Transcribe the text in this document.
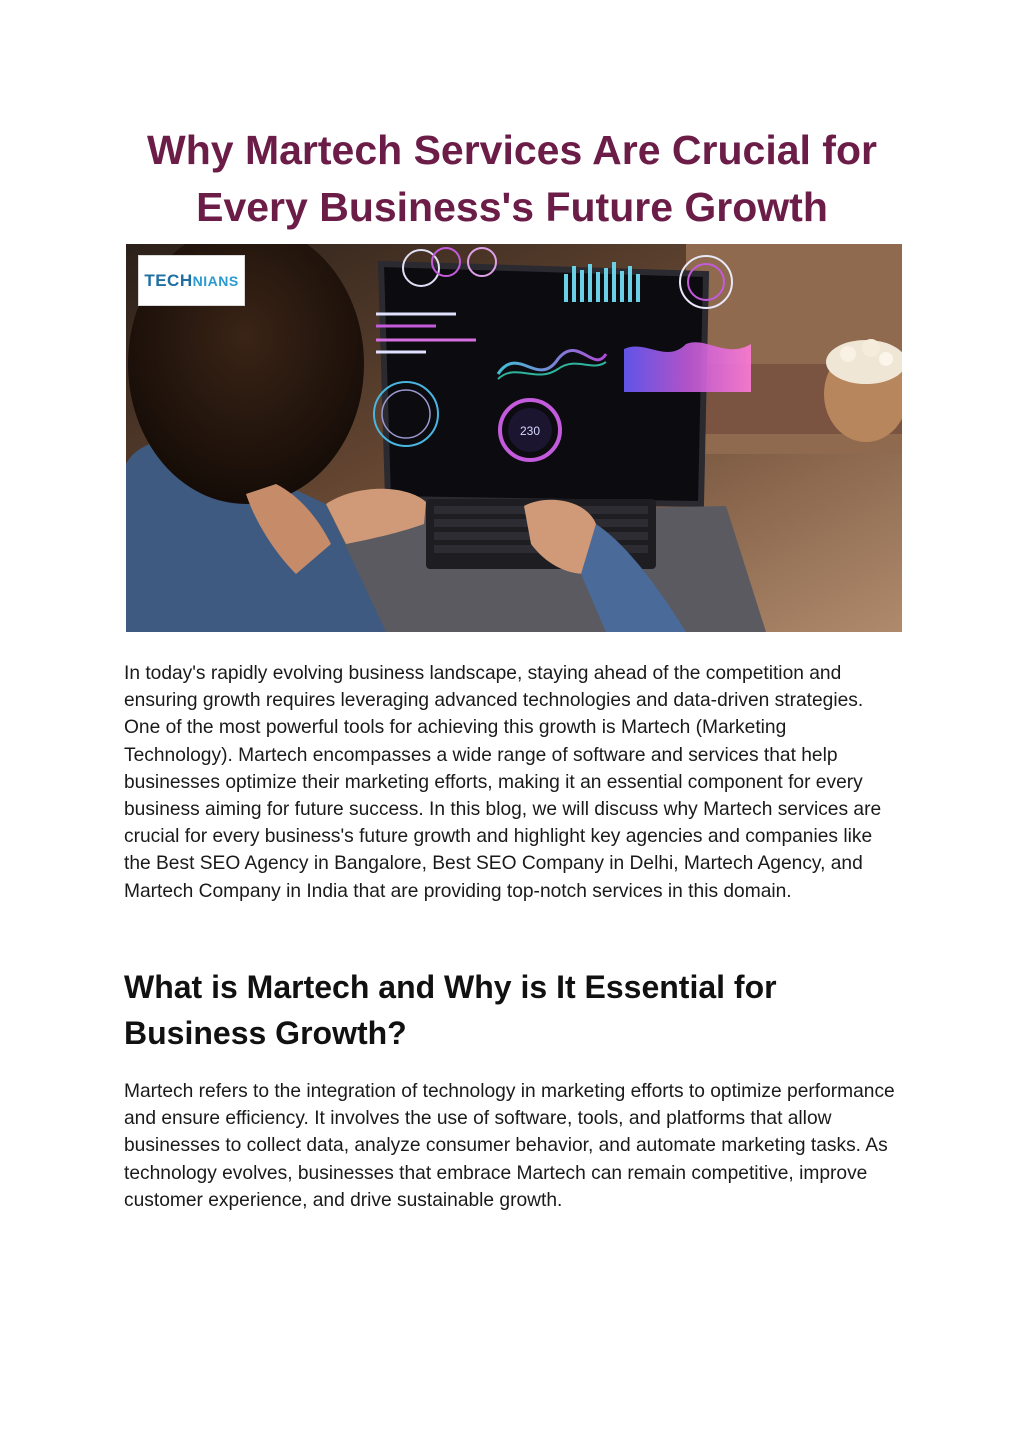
Why Martech Services Are Crucial for Every Business's Future Growth
230
TECHNIANS

In today's rapidly evolving business landscape, staying ahead of the competition and ensuring growth requires leveraging advanced technologies and data-driven strategies. One of the most powerful tools for achieving this growth is Martech (Marketing Technology). Martech encompasses a wide range of software and services that help businesses optimize their marketing efforts, making it an essential component for every business aiming for future success. In this blog, we will discuss why Martech services are crucial for every business's future growth and highlight key agencies and companies like the Best SEO Agency in Bangalore, Best SEO Company in Delhi, Martech Agency, and Martech Company in India that are providing top-notch services in this domain.

What is Martech and Why is It Essential for Business Growth?

Martech refers to the integration of technology in marketing efforts to optimize performance and ensure efficiency. It involves the use of software, tools, and platforms that allow businesses to collect data, analyze consumer behavior, and automate marketing tasks. As technology evolves, businesses that embrace Martech can remain competitive, improve customer experience, and drive sustainable growth.
